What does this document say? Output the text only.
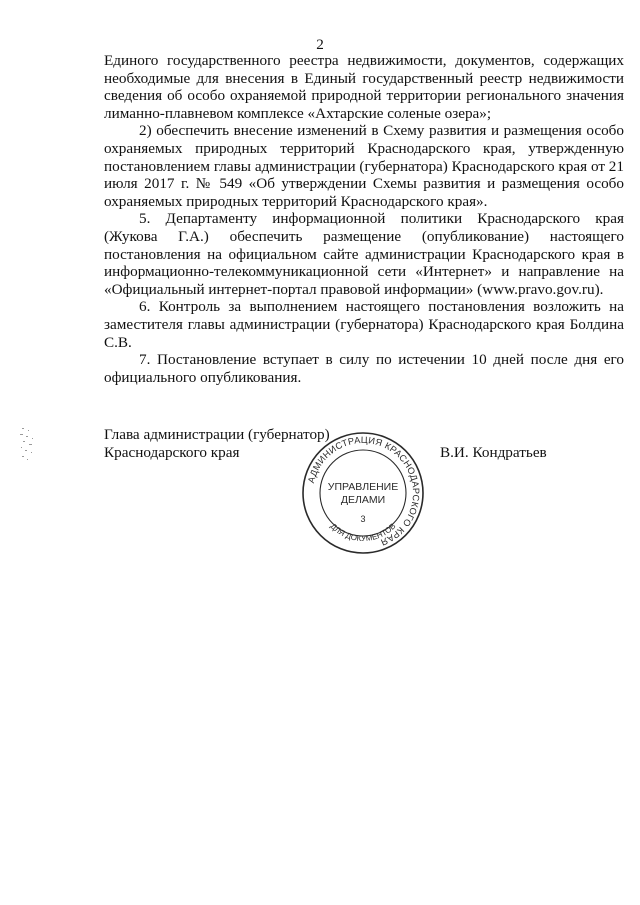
2

Единого государственного реестра недвижимости, документов, содержащих необходимые для внесения в Единый государственный реестр недвижимости сведения об особо охраняемой природной территории регионального значения лиманно-плавневом комплексе «Ахтарские соленые озера»;

2) обеспечить внесение изменений в Схему развития и размещения особо охраняемых природных территорий Краснодарского края, утвержденную постановлением главы администрации (губернатора) Краснодарского края от 21 июля 2017 г. № 549 «Об утверждении Схемы развития и размещения особо охраняемых природных территорий Краснодарского края».

5. Департаменту информационной политики Краснодарского края (Жукова Г.А.) обеспечить размещение (опубликование) настоящего постановления на официальном сайте администрации Краснодарского края в информационно-телекоммуникационной сети «Интернет» и направление на «Официальный интернет-портал правовой информации» (www.pravo.gov.ru).

6. Контроль за выполнением настоящего постановления возложить на заместителя главы администрации (губернатора) Краснодарского края Болдина С.В.

7. Постановление вступает в силу по истечении 10 дней после дня его официального опубликования.

Глава администрации (губернатор)
Краснодарского края	В.И. Кондратьев
АДМИНИСТРАЦИЯ КРАСНОДАРСКОГО КРАЯ
ДЛЯ ДОКУМЕНТОВ
УПРАВЛЕНИЕ
ДЕЛАМИ
3
